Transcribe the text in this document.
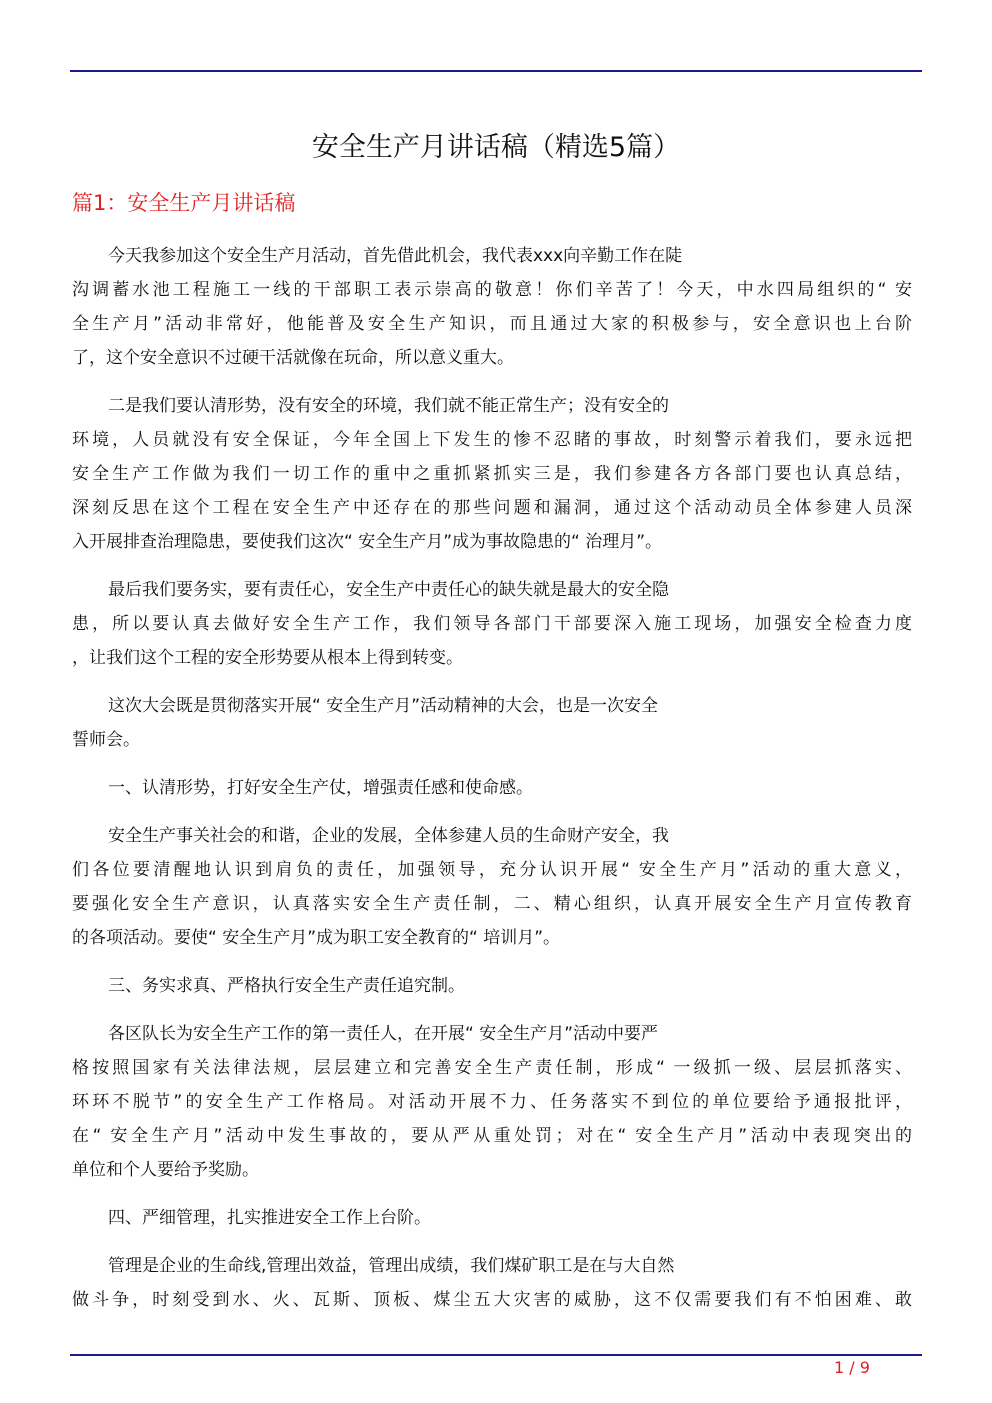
安全生产月讲话稿（精选5篇）
篇1：安全生产月讲话稿
今天我参加这个安全生产月活动，首先借此机会，我代表xxx向辛勤工作在陡
沟调蓄水池工程施工一线的干部职工表示崇高的敬意！你们辛苦了！今天，中水四局组织的“ 安
全生产月”活动非常好，他能普及安全生产知识，而且通过大家的积极参与，安全意识也上台阶
了，这个安全意识不过硬干活就像在玩命，所以意义重大。
二是我们要认清形势，没有安全的环境，我们就不能正常生产；没有安全的
环境，人员就没有安全保证，今年全国上下发生的惨不忍睹的事故，时刻警示着我们，要永远把
安全生产工作做为我们一切工作的重中之重抓紧抓实三是，我们参建各方各部门要也认真总结，
深刻反思在这个工程在安全生产中还存在的那些问题和漏洞，通过这个活动动员全体参建人员深
入开展排查治理隐患，要使我们这次“ 安全生产月”成为事故隐患的“ 治理月”。
最后我们要务实，要有责任心，安全生产中责任心的缺失就是最大的安全隐
患，所以要认真去做好安全生产工作，我们领导各部门干部要深入施工现场，加强安全检查力度
，让我们这个工程的安全形势要从根本上得到转变。
这次大会既是贯彻落实开展“ 安全生产月”活动精神的大会，也是一次安全
誓师会。
一、认清形势，打好安全生产仗，增强责任感和使命感。
安全生产事关社会的和谐，企业的发展，全体参建人员的生命财产安全，我
们各位要清醒地认识到肩负的责任，加强领导，充分认识开展“ 安全生产月”活动的重大意义，
要强化安全生产意识，认真落实安全生产责任制，二、精心组织，认真开展安全生产月宣传教育
的各项活动。要使“ 安全生产月”成为职工安全教育的“ 培训月”。
三、务实求真、严格执行安全生产责任追究制。
各区队长为安全生产工作的第一责任人，在开展“ 安全生产月”活动中要严
格按照国家有关法律法规，层层建立和完善安全生产责任制，形成“ 一级抓一级、层层抓落实、
环环不脱节”的安全生产工作格局。对活动开展不力、任务落实不到位的单位要给予通报批评，
在“ 安全生产月”活动中发生事故的，要从严从重处罚；对在“ 安全生产月”活动中表现突出的
单位和个人要给予奖励。
四、严细管理，扎实推进安全工作上台阶。
管理是企业的生命线,管理出效益，管理出成绩，我们煤矿职工是在与大自然
做斗争，时刻受到水、火、瓦斯、顶板、煤尘五大灾害的威胁，这不仅需要我们有不怕困难、敢
1 / 9
